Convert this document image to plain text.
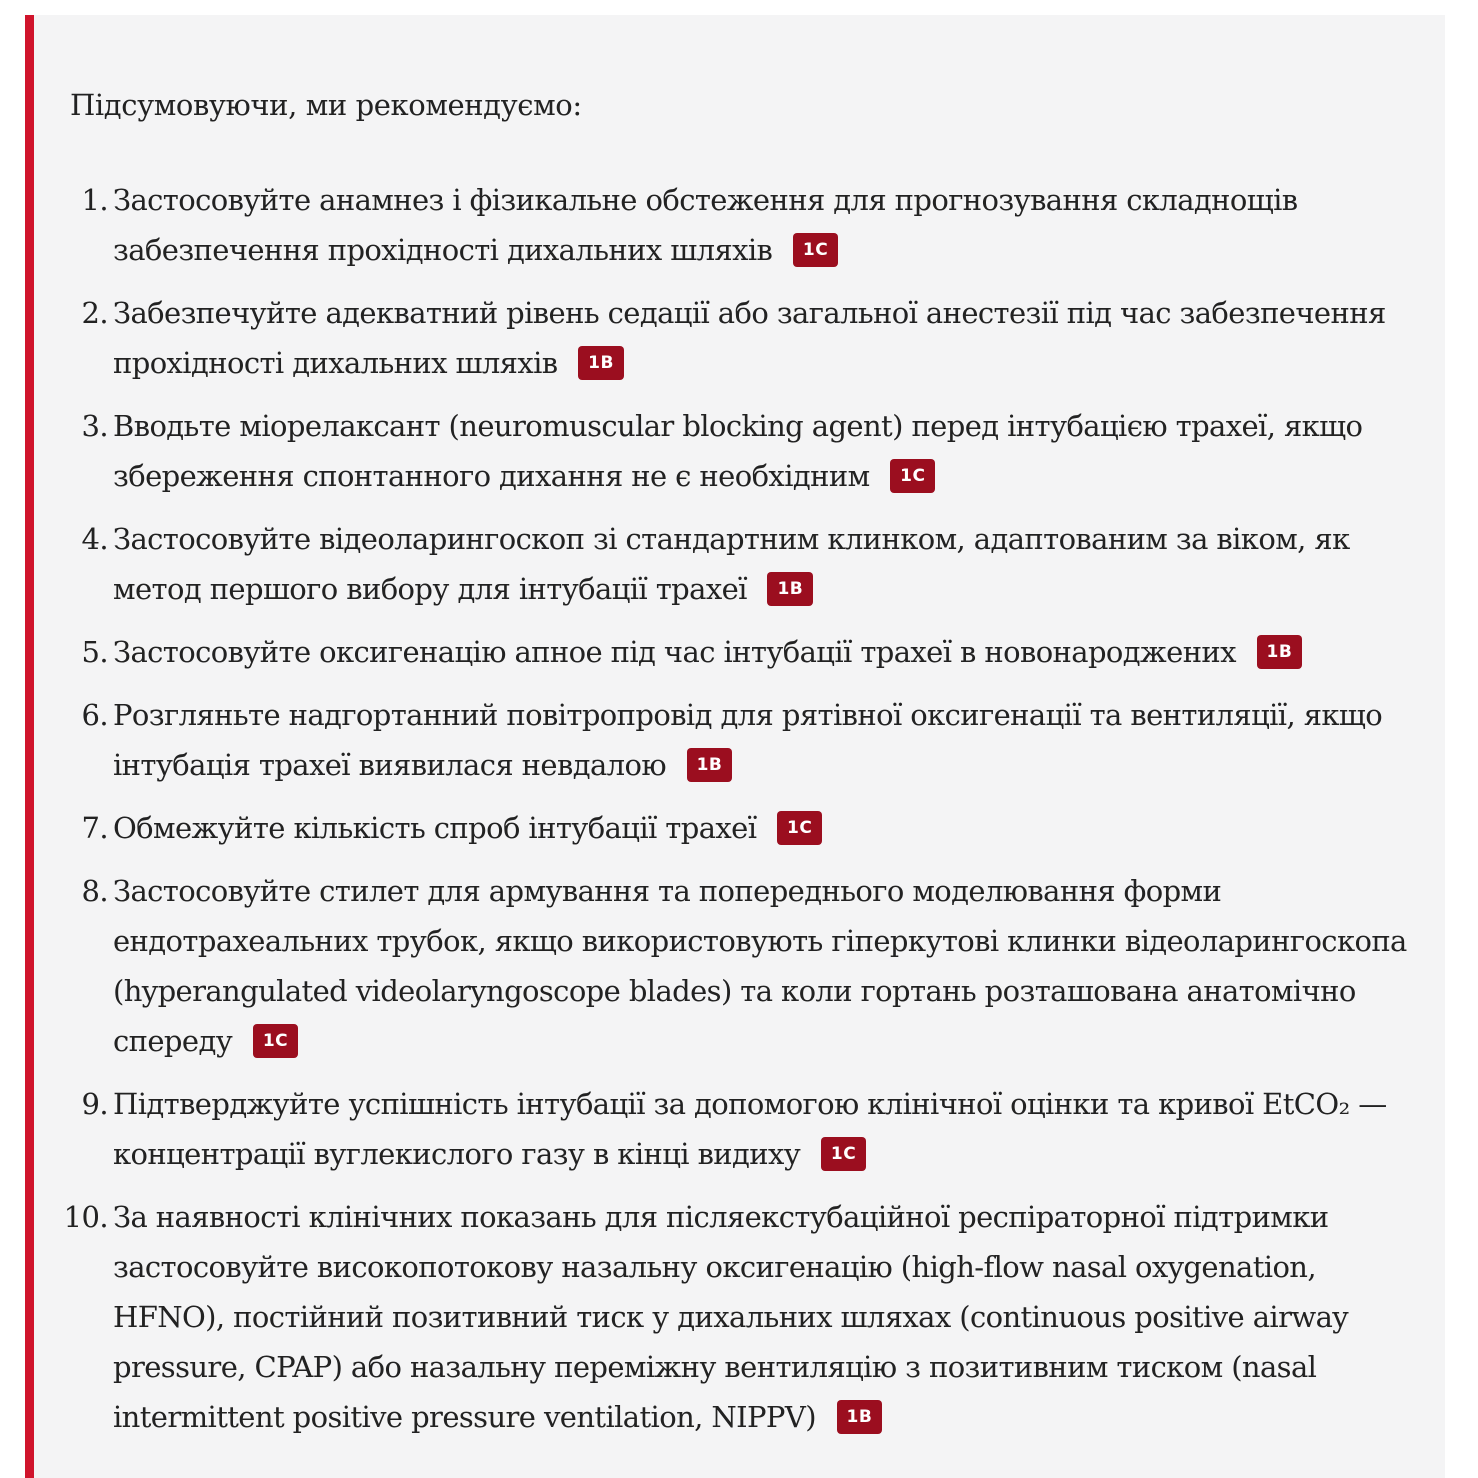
Підсумовуючи, ми рекомендуємо:

1. Застосовуйте анамнез і фізикальне обстеження для прогнозування складнощів забезпечення прохідності дихальних шляхів 1C
2. Забезпечуйте адекватний рівень седації або загальної анестезії під час забезпечення прохідності дихальних шляхів 1B
3. Вводьте міорелаксант (neuromuscular blocking agent) перед інтубацією трахеї, якщо збереження спонтанного дихання не є необхідним 1C
4. Застосовуйте відеоларингоскоп зі стандартним клинком, адаптованим за віком, як метод першого вибору для інтубації трахеї 1B
5. Застосовуйте оксигенацію апное під час інтубації трахеї в новонароджених 1B
6. Розгляньте надгортанний повітропровід для рятівної оксигенації та вентиляції, якщо інтубація трахеї виявилася невдалою 1B
7. Обмежуйте кількість спроб інтубації трахеї 1C
8. Застосовуйте стилет для армування та попереднього моделювання форми ендотрахеальних трубок, якщо використовують гіперкутові клинки відеоларингоскопа (hyperangulated videolaryngoscope blades) та коли гортань розташована анатомічно спереду 1C
9. Підтверджуйте успішність інтубації за допомогою клінічної оцінки та кривої EtCO₂ — концентрації вуглекислого газу в кінці видиху 1C
10. За наявності клінічних показань для післяекстубаційної респіраторної підтримки застосовуйте високопотокову назальну оксигенацію (high-flow nasal oxygenation, HFNO), постійний позитивний тиск у дихальних шляхах (continuous positive airway pressure, CPAP) або назальну переміжну вентиляцію з позитивним тиском (nasal intermittent positive pressure ventilation, NIPPV) 1B
